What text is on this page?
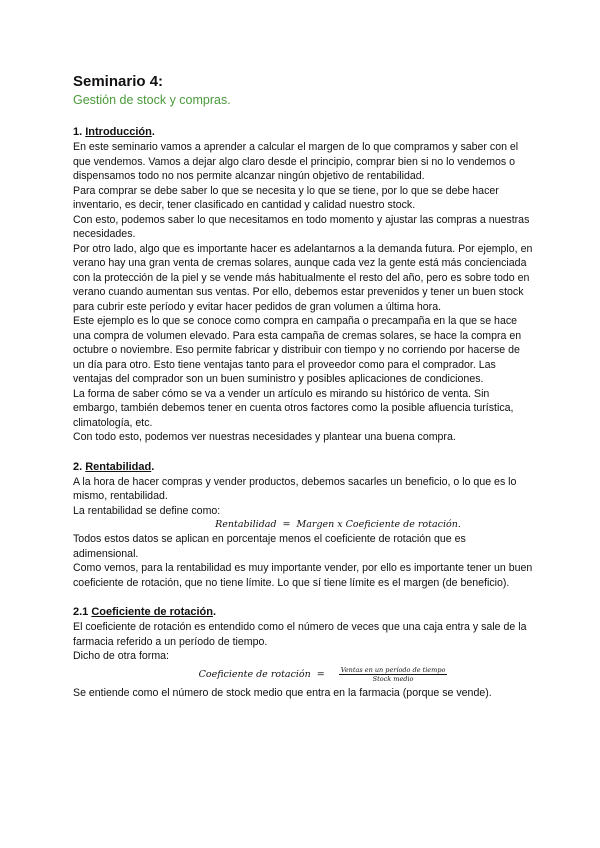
Seminario 4:
Gestión de stock y compras.
1. Introducción.

En este seminario vamos a aprender a calcular el margen de lo que compramos y saber con el que vendemos. Vamos a dejar algo claro desde el principio, comprar bien si no lo vendemos o dispensamos todo no nos permite alcanzar ningún objetivo de rentabilidad.

Para comprar se debe saber lo que se necesita y lo que se tiene, por lo que se debe hacer inventario, es decir, tener clasificado en cantidad y calidad nuestro stock.

Con esto, podemos saber lo que necesitamos en todo momento y ajustar las compras a nuestras necesidades.

Por otro lado, algo que es importante hacer es adelantarnos a la demanda futura. Por ejemplo, en verano hay una gran venta de cremas solares, aunque cada vez la gente está más concienciada con la protección de la piel y se vende más habitualmente el resto del año, pero es sobre todo en verano cuando aumentan sus ventas. Por ello, debemos estar prevenidos y tener un buen stock para cubrir este período y evitar hacer pedidos de gran volumen a última hora.

Este ejemplo es lo que se conoce como compra en campaña o precampaña en la que se hace una compra de volumen elevado. Para esta campaña de cremas solares, se hace la compra en octubre o noviembre. Eso permite fabricar y distribuir con tiempo y no corriendo por hacerse de un día para otro. Esto tiene ventajas tanto para el proveedor como para el comprador. Las ventajas del comprador son un buen suministro y posibles aplicaciones de condiciones.

La forma de saber cómo se va a vender un artículo es mirando su histórico de venta. Sin embargo, también debemos tener en cuenta otros factores como la posible afluencia turística, climatología, etc.

Con todo esto, podemos ver nuestras necesidades y plantear una buena compra.

2. Rentabilidad.

A la hora de hacer compras y vender productos, debemos sacarles un beneficio, o lo que es lo mismo, rentabilidad.

La rentabilidad se define como:

Rentabilidad = Margen x Coeficiente de rotación.

Todos estos datos se aplican en porcentaje menos el coeficiente de rotación que es adimensional.

Como vemos, para la rentabilidad es muy importante vender, por ello es importante tener un buen coeficiente de rotación, que no tiene límite. Lo que sí tiene límite es el margen (de beneficio).

2.1 Coeficiente de rotación.

El coeficiente de rotación es entendido como el número de veces que una caja entra y sale de la farmacia referido a un período de tiempo.

Dicho de otra forma:

Coeficiente de rotación = $\frac{\text{Ventas en un período de tiempo}}{\text{Stock medio}}$

Se entiende como el número de stock medio que entra en la farmacia (porque se vende).
